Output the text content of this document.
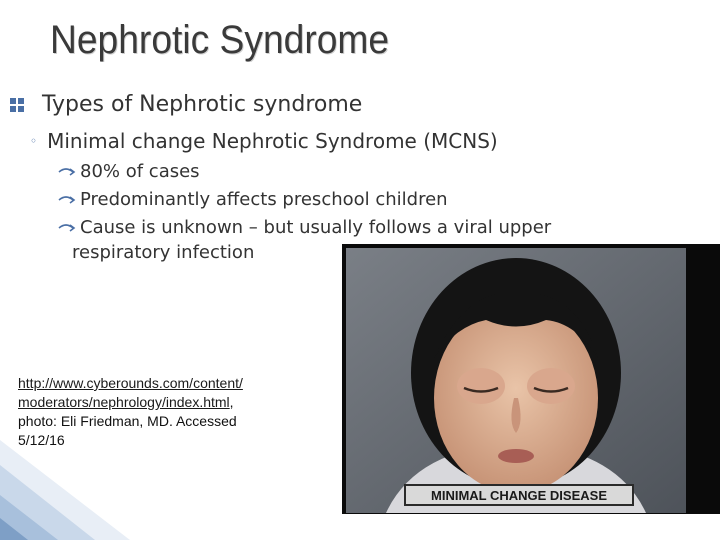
Nephrotic Syndrome
Types of Nephrotic syndrome
◦ Minimal change Nephrotic Syndrome (MCNS)
80% of cases
Predominantly affects preschool children
Cause is unknown – but usually follows a viral upper
respiratory infection
MINIMAL CHANGE DISEASE
http://www.cyberounds.com/content/
moderators/nephrology/index.html,
photo: Eli Friedman, MD. Accessed
5/12/16
